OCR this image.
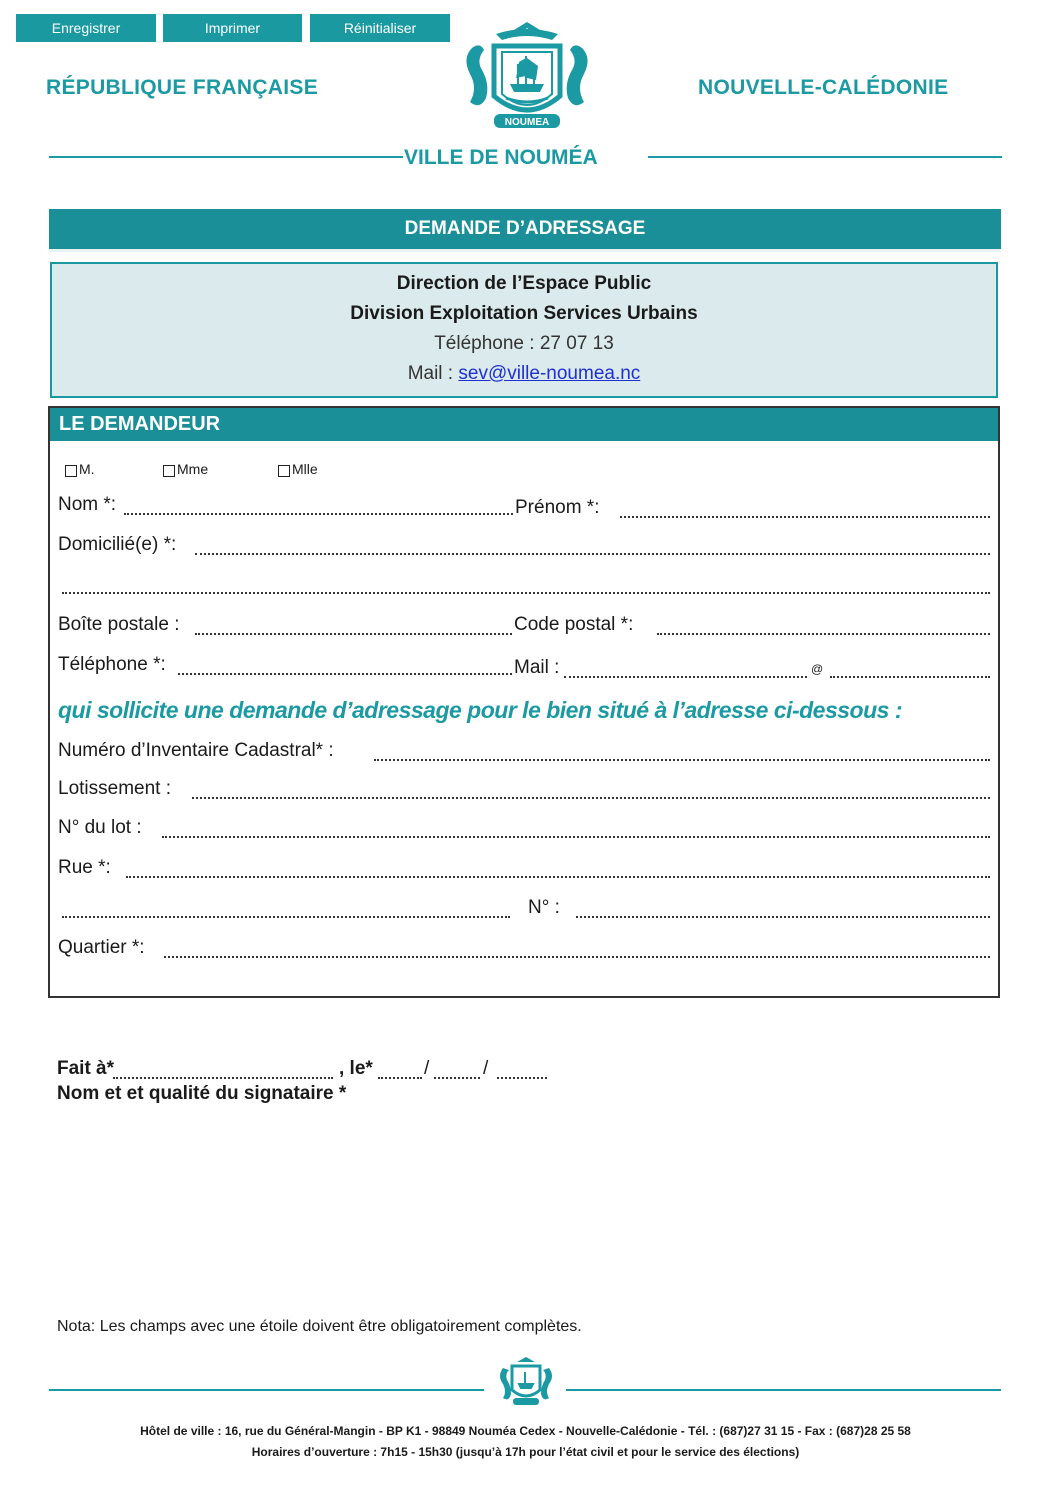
Enregistrer	Imprimer	Réinitialiser
RÉPUBLIQUE FRANÇAISE	NOUVELLE-CALÉDONIE
NOUMEA
VILLE DE NOUMÉA
DEMANDE D’ADRESSAGE
Direction de l’Espace Public
Division Exploitation Services Urbains
Téléphone : 27 07 13
Mail : sev@ville-noumea.nc
LE DEMANDEUR
M.	Mme	Mlle
Nom *:	Prénom *:
Domicilié(e) *:
Boîte postale :	Code postal *:
Téléphone *:	Mail :	@
qui sollicite une demande d’adressage pour le bien situé à l’adresse ci-dessous :
Numéro d’Inventaire Cadastral* :
Lotissement :
N° du lot :
Rue *:
N° :
Quartier *:
Fait à*	, le*	/	/
Nom et et qualité du signataire *
Nota: Les champs avec une étoile doivent être obligatoirement complètes.
Hôtel de ville : 16, rue du Général-Mangin - BP K1 - 98849 Nouméa Cedex - Nouvelle-Calédonie - Tél. : (687)27 31 15 - Fax : (687)28 25 58
Horaires d’ouverture : 7h15 - 15h30 (jusqu’à 17h pour l’état civil et pour le service des élections)
